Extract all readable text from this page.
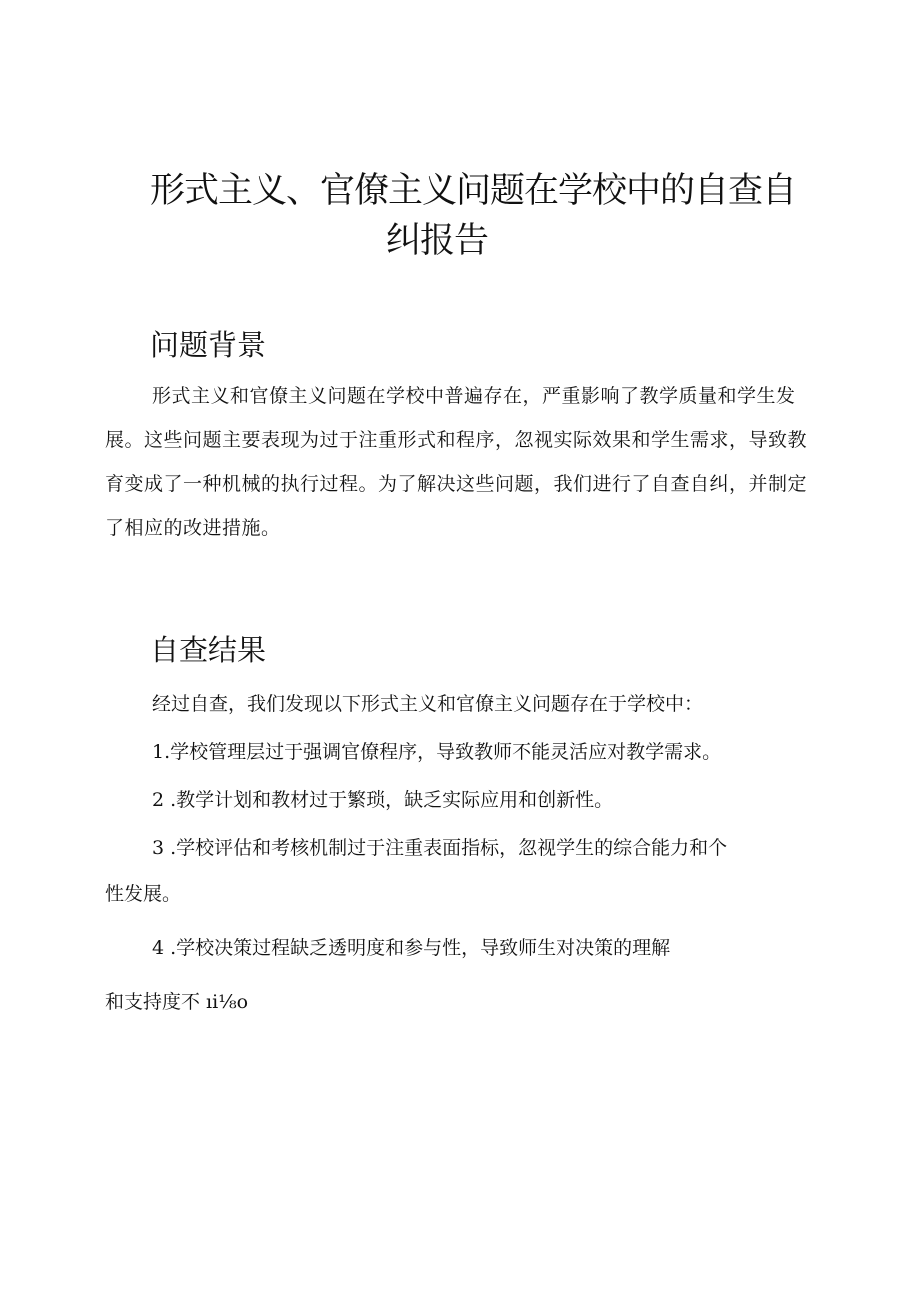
形式主义、官僚主义问题在学校中的自查自
纠报告
问题背景

形式主义和官僚主义问题在学校中普遍存在，严重影响了教学质量和学生发展。这些问题主要表现为过于注重形式和程序，忽视实际效果和学生需求，导致教育变成了一种机械的执行过程。为了解决这些问题，我们进行了自查自纠，并制定了相应的改进措施。

自查结果

经过自查，我们发现以下形式主义和官僚主义问题存在于学校中：

1.学校管理层过于强调官僚程序，导致教师不能灵活应对教学需求。

2 .教学计划和教材过于繁琐，缺乏实际应用和创新性。

3 .学校评估和考核机制过于注重表面指标，忽视学生的综合能力和个

性发展。

4 .学校决策过程缺乏透明度和参与性，导致师生对决策的理解

和支持度不 ıi⅛o
